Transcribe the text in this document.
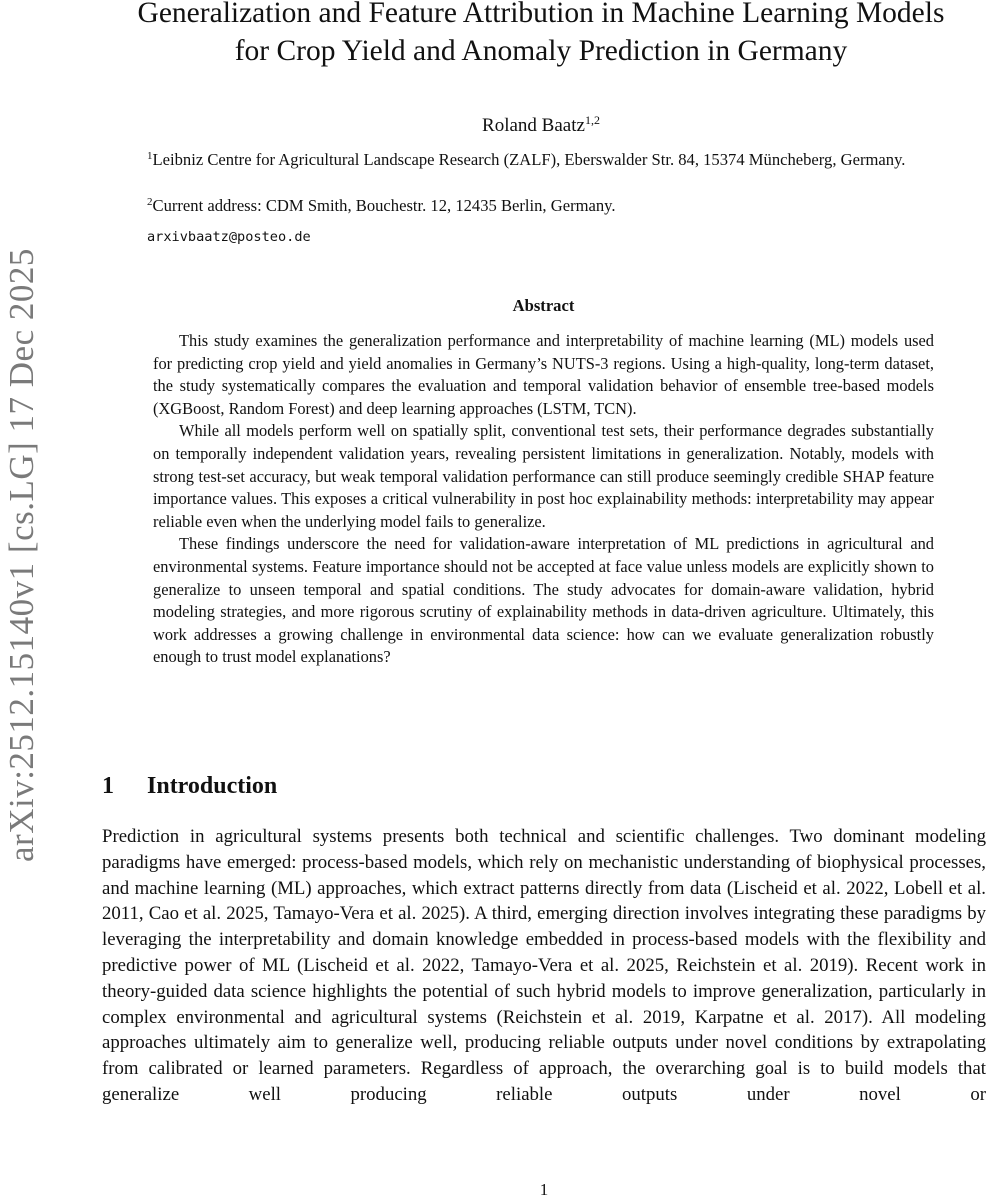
arXiv:2512.15140v1 [cs.LG] 17 Dec 2025
Generalization and Feature Attribution in Machine Learning Models
for Crop Yield and Anomaly Prediction in Germany
Roland Baatz$^{1,2}$

$^1$Leibniz Centre for Agricultural Landscape Research (ZALF), Eberswalder Str. 84, 15374 Müncheberg, Germany.

$^2$Current address: CDM Smith, Bouchestr. 12, 12435 Berlin, Germany.

arxivbaatz@posteo.de
Abstract

This study examines the generalization performance and interpretability of machine learning (ML) models used for predicting crop yield and yield anomalies in Germany’s NUTS-3 regions. Using a high-quality, long-term dataset, the study systematically compares the evaluation and temporal validation behavior of ensemble tree-based models (XGBoost, Random Forest) and deep learning approaches (LSTM, TCN).

While all models perform well on spatially split, conventional test sets, their performance degrades substantially on temporally independent validation years, revealing persistent limitations in generalization. Notably, models with strong test-set accuracy, but weak temporal validation performance can still produce seemingly credible SHAP feature importance values. This exposes a critical vulnerability in post hoc explainability methods: interpretability may appear reliable even when the underlying model fails to generalize.

These findings underscore the need for validation-aware interpretation of ML predictions in agricultural and environmental systems. Feature importance should not be accepted at face value unless models are explicitly shown to generalize to unseen temporal and spatial conditions. The study advocates for domain-aware validation, hybrid modeling strategies, and more rigorous scrutiny of explainability methods in data-driven agriculture. Ultimately, this work addresses a growing challenge in environmental data science: how can we evaluate generalization robustly enough to trust model explanations?

1 Introduction

Prediction in agricultural systems presents both technical and scientific challenges. Two dominant modeling paradigms have emerged: process-based models, which rely on mechanistic understanding of biophysical processes, and machine learning (ML) approaches, which extract patterns directly from data (Lischeid et al. 2022, Lobell et al. 2011, Cao et al. 2025, Tamayo-Vera et al. 2025). A third, emerging direction involves integrating these paradigms by leveraging the interpretability and domain knowledge embedded in process-based models with the flexibility and predictive power of ML (Lischeid et al. 2022, Tamayo-Vera et al. 2025, Reichstein et al. 2019). Recent work in theory-guided data science highlights the potential of such hybrid models to improve generalization, particularly in complex environmental and agricultural systems (Reichstein et al. 2019, Karpatne et al. 2017). All modeling approaches ultimately aim to generalize well, producing reliable outputs under novel conditions by extrapolating from calibrated or learned parameters. Regardless of approach, the overarching goal is to build models that generalize well producing reliable outputs under novel or

1
